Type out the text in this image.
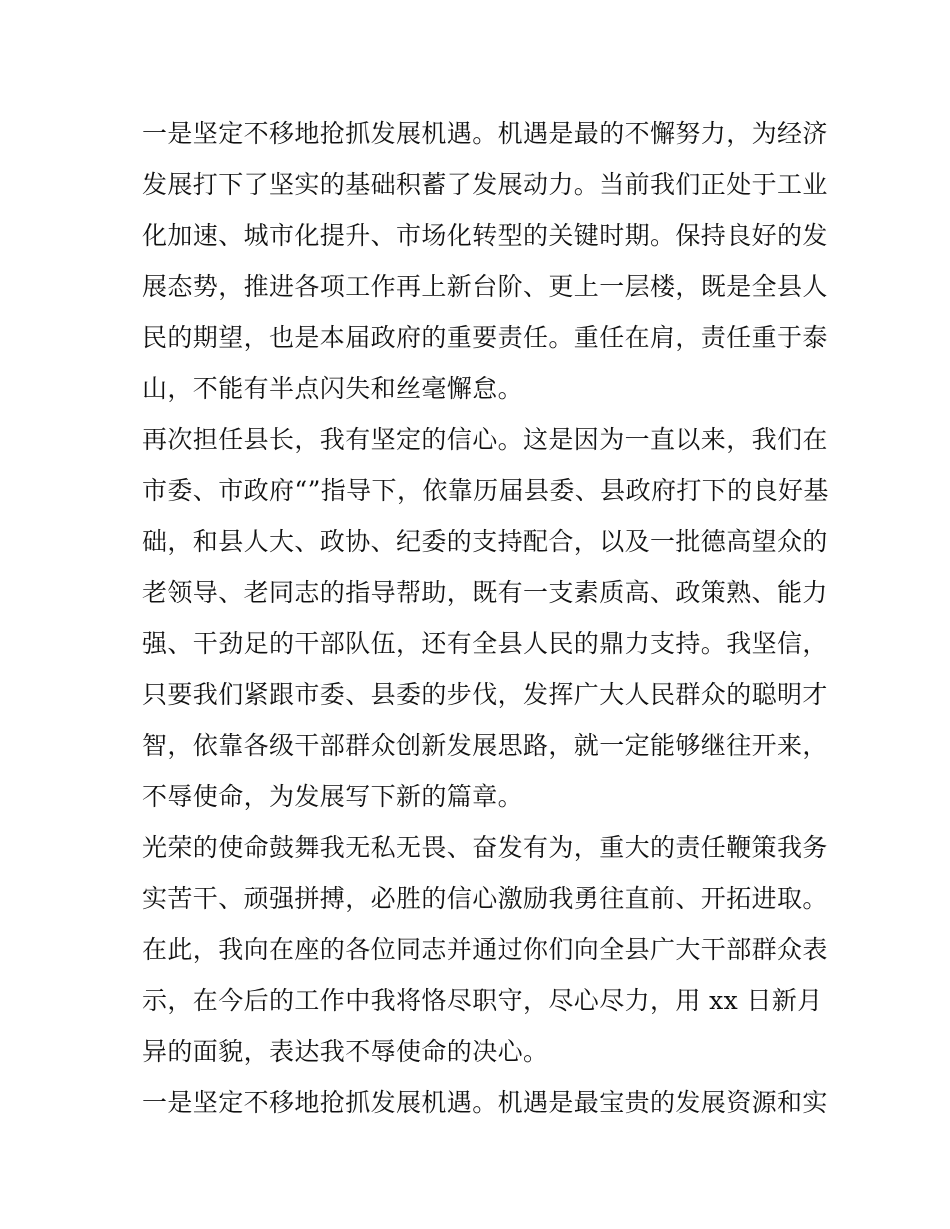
一是坚定不移地抢抓发展机遇。机遇是最的不懈努力，为经济
发展打下了坚实的基础积蓄了发展动力。当前我们正处于工业
化加速、城市化提升、市场化转型的关键时期。保持良好的发
展态势，推进各项工作再上新台阶、更上一层楼，既是全县人
民的期望，也是本届政府的重要责任。重任在肩，责任重于泰
山，不能有半点闪失和丝毫懈怠。
再次担任县长，我有坚定的信心。这是因为一直以来，我们在
市委、市政府“”指导下，依靠历届县委、县政府打下的良好基
础，和县人大、政协、纪委的支持配合，以及一批德高望众的
老领导、老同志的指导帮助，既有一支素质高、政策熟、能力
强、干劲足的干部队伍，还有全县人民的鼎力支持。我坚信，
只要我们紧跟市委、县委的步伐，发挥广大人民群众的聪明才
智，依靠各级干部群众创新发展思路，就一定能够继往开来，
不辱使命，为发展写下新的篇章。
光荣的使命鼓舞我无私无畏、奋发有为，重大的责任鞭策我务
实苦干、顽强拼搏，必胜的信心激励我勇往直前、开拓进取。
在此，我向在座的各位同志并通过你们向全县广大干部群众表
示，在今后的工作中我将恪尽职守，尽心尽力，用 xx 日新月
异的面貌，表达我不辱使命的决心。
一是坚定不移地抢抓发展机遇。机遇是最宝贵的发展资源和实
